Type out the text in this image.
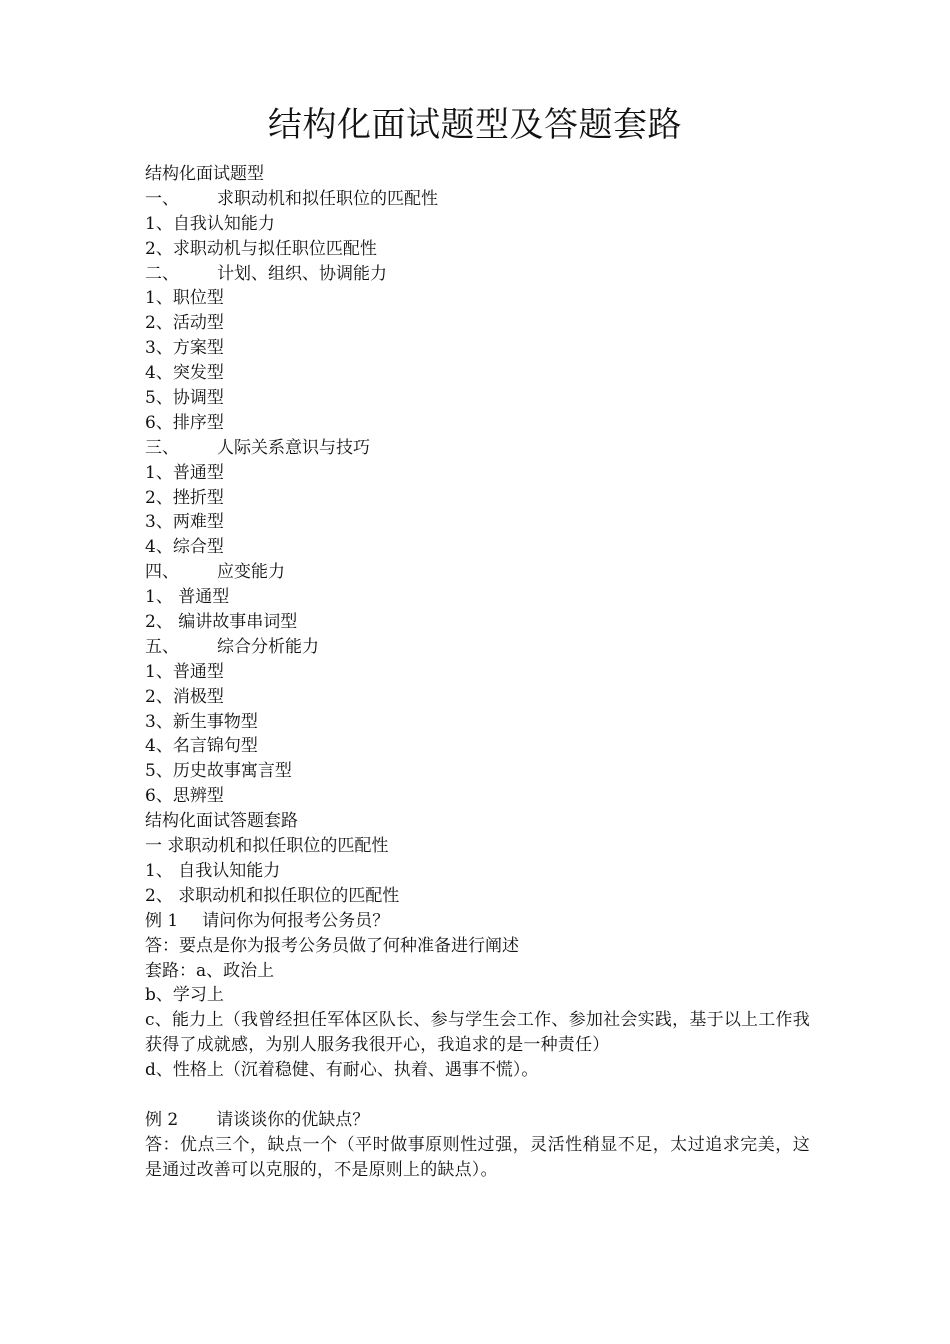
结构化面试题型及答题套路
结构化面试题型
一、 求职动机和拟任职位的匹配性
1、自我认知能力
2、求职动机与拟任职位匹配性
二、 计划、组织、协调能力
1、职位型
2、活动型
3、方案型
4、突发型
5、协调型
6、排序型
三、 人际关系意识与技巧
1、普通型
2、挫折型
3、两难型
4、综合型
四、 应变能力
1、 普通型
2、 编讲故事串词型
五、 综合分析能力
1、普通型
2、消极型
3、新生事物型
4、名言锦句型
5、历史故事寓言型
6、思辨型
结构化面试答题套路
一 求职动机和拟任职位的匹配性
1、 自我认知能力
2、 求职动机和拟任职位的匹配性
例 1 请问你为何报考公务员？
答：要点是你为报考公务员做了何种准备进行阐述
套路：a、政治上
b、学习上
c、能力上（我曾经担任军体区队长、参与学生会工作、参加社会实践，基于以上工作我获得了成就感，为别人服务我很开心，我追求的是一种责任）
d、性格上（沉着稳健、有耐心、执着、遇事不慌）。
例 2 请谈谈你的优缺点？
答：优点三个，缺点一个（平时做事原则性过强，灵活性稍显不足，太过追求完美，这是通过改善可以克服的，不是原则上的缺点）。
